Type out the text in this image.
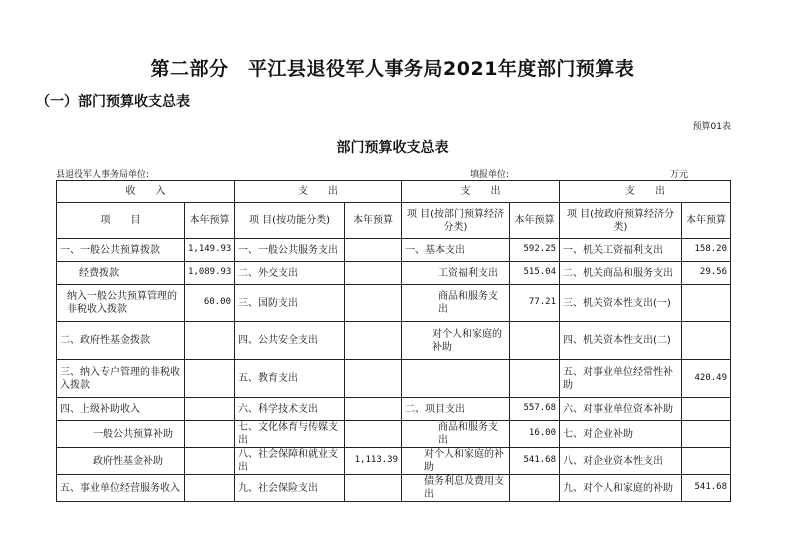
第二部分　平江县退役军人事务局2021年度部门预算表
（一）部门预算收支总表
预算01表
部门预算收支总表
县退役军人事务局单位:	填报单位:	万元
收　　入		支　　出		支　　出		支　　出	
项　　目	本年预算	项 目(按功能分类)	本年预算	项 目(按部门预算经济分类)	本年预算	项 目(按政府预算经济分类)	本年预算
一、一般公共预算拨款	1,149.93	一、一般公共服务支出		一、基本支出	592.25	一、机关工资福利支出	158.20
经费拨款	1,089.93	二、外交支出		工资福利支出	515.04	二、机关商品和服务支出	29.56
纳入一般公共预算管理的非税收入拨款	60.00	三、国防支出		商品和服务支出	77.21	三、机关资本性支出(一)	
二、政府性基金拨款		四、公共安全支出		对个人和家庭的补助		四、机关资本性支出(二)	
三、纳入专户管理的非税收入拨款		五、教育支出				五、对事业单位经常性补助	420.49
四、上级补助收入		六、科学技术支出		二、项目支出	557.68	六、对事业单位资本补助	
一般公共预算补助		七、文化体育与传媒支出		商品和服务支出	16.00	七、对企业补助	
政府性基金补助		八、社会保障和就业支出	1,113.39	对个人和家庭的补助	541.68	八、对企业资本性支出	
五、事业单位经营服务收入		九、社会保险支出		债务利息及费用支出		九、对个人和家庭的补助	541.68
